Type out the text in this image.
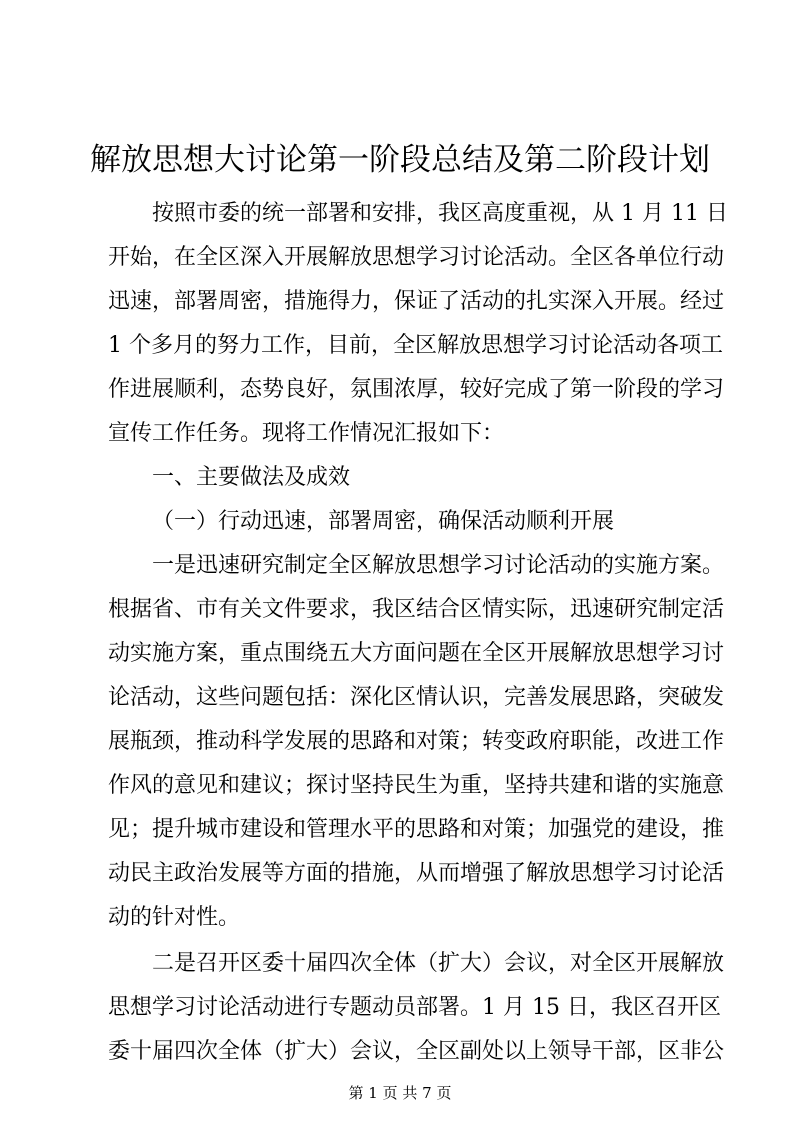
解放思想大讨论第一阶段总结及第二阶段计划
按照市委的统一部署和安排，我区高度重视，从 1 月 11 日
开始，在全区深入开展解放思想学习讨论活动。全区各单位行动
迅速，部署周密，措施得力，保证了活动的扎实深入开展。经过
1 个多月的努力工作，目前，全区解放思想学习讨论活动各项工
作进展顺利，态势良好，氛围浓厚，较好完成了第一阶段的学习
宣传工作任务。现将工作情况汇报如下：
一、主要做法及成效
（一）行动迅速，部署周密，确保活动顺利开展
一是迅速研究制定全区解放思想学习讨论活动的实施方案。
根据省、市有关文件要求，我区结合区情实际，迅速研究制定活
动实施方案，重点围绕五大方面问题在全区开展解放思想学习讨
论活动，这些问题包括：深化区情认识，完善发展思路，突破发
展瓶颈，推动科学发展的思路和对策；转变政府职能，改进工作
作风的意见和建议；探讨坚持民生为重，坚持共建和谐的实施意
见；提升城市建设和管理水平的思路和对策；加强党的建设，推
动民主政治发展等方面的措施，从而增强了解放思想学习讨论活
动的针对性。
二是召开区委十届四次全体（扩大）会议，对全区开展解放
思想学习讨论活动进行专题动员部署。1 月 15 日，我区召开区
委十届四次全体（扩大）会议，全区副处以上领导干部，区非公
第 1 页 共 7 页
